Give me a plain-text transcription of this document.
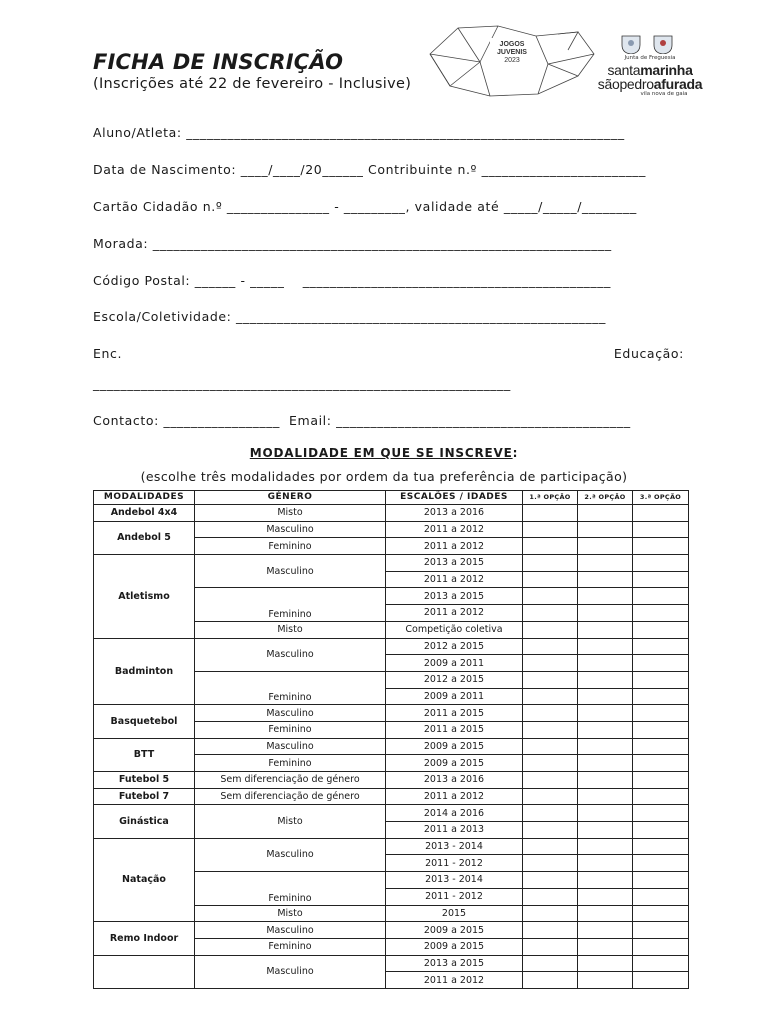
FICHA DE INSCRIÇÃO
(Inscrições até 22 de fevereiro - Inclusive)
JOGOS
JUVENIS
2023	Junta de Freguesia
santamarinha
sãopedroafurada
vila nova de gaia
Aluno/Atleta: ________________________________________________________________
Data de Nascimento: ____/____/20______ Contribuinte n.º ________________________
Cartão Cidadão n.º _______________ - _________, validade até _____/_____/________
Morada: ___________________________________________________________________
Código Postal: ______ - _____    _____________________________________________
Escola/Coletividade: ______________________________________________________
Enc.	Educação:
_____________________________________________________________
Contacto: _________________  Email: ___________________________________________
MODALIDADE EM QUE SE INSCREVE:
(escolhe três modalidades por ordem da tua preferência de participação)
MODALIDADES	GÉNERO	ESCALÕES / IDADES	1.ª OPÇÃO	2.ª OPÇÃO	3.ª OPÇÃO
Andebol 4x4	Misto	2013 a 2016			
Andebol 5	Masculino	2011 a 2012			
	Feminino	2011 a 2012			
Atletismo	Masculino	2013 a 2015			
		2011 a 2012			
	Feminino	2013 a 2015			
		2011 a 2012			
	Misto	Competição coletiva			
Badminton	Masculino	2012 a 2015			
		2009 a 2011			
	Feminino	2012 a 2015			
		2009 a 2011			
Basquetebol	Masculino	2011 a 2015			
	Feminino	2011 a 2015			
BTT	Masculino	2009 a 2015			
	Feminino	2009 a 2015			
Futebol 5	Sem diferenciação de género	2013 a 2016			
Futebol 7	Sem diferenciação de género	2011 a 2012			
Ginástica	Misto	2014 a 2016			
		2011 a 2013			
Natação	Masculino	2013 - 2014			
		2011 - 2012			
	Feminino	2013 - 2014			
		2011 - 2012			
	Misto	2015			
Remo Indoor	Masculino	2009 a 2015			
	Feminino	2009 a 2015			
	Masculino	2013 a 2015			
		2011 a 2012			
